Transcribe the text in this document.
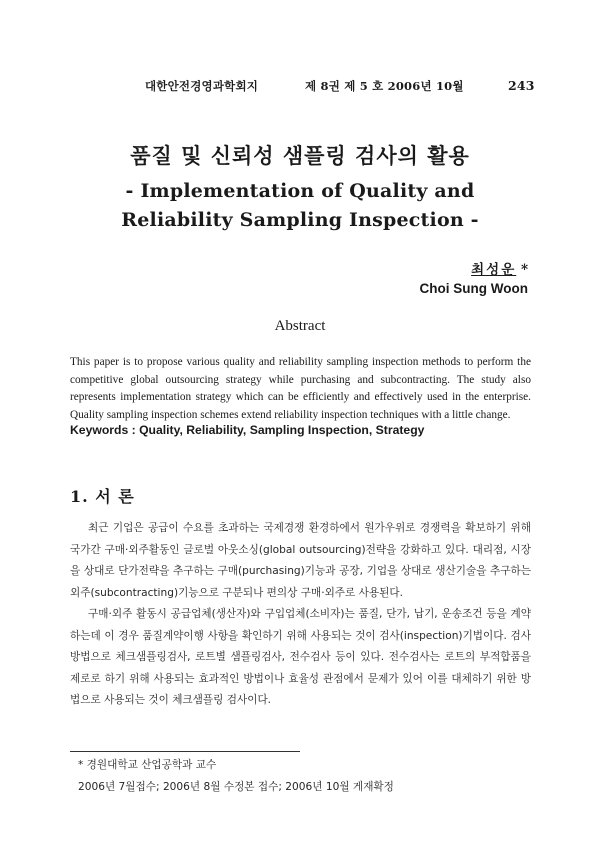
대한안전경영과학회지	제 8권 제 5 호 2006년 10월	243
품질 및 신뢰성 샘플링 검사의 활용
- Implementation of Quality and
Reliability Sampling Inspection -
최성운 *
Choi Sung Woon
Abstract
This paper is to propose various quality and reliability sampling inspection methods to perform the competitive global outsourcing strategy while purchasing and subcontracting. The study also represents implementation strategy which can be efficiently and effectively used in the enterprise. Quality sampling inspection schemes extend reliability inspection techniques with a little change.
Keywords : Quality, Reliability, Sampling Inspection, Strategy
1. 서 론
최근 기업은 공급이 수요를 초과하는 국제경쟁 환경하에서 원가우위로 경쟁력을 확보하기 위해 국가간 구매·외주활동인 글로벌 아웃소싱(global outsourcing)전략을 강화하고 있다. 대리점, 시장을 상대로 단가전략을 추구하는 구매(purchasing)기능과 공장, 기업을 상대로 생산기술을 추구하는 외주(subcontracting)기능으로 구분되나 편의상 구매·외주로 사용된다.
구매·외주 활동시 공급업체(생산자)와 구입업체(소비자)는 품질, 단가, 납기, 운송조건 등을 계약하는데 이 경우 품질계약이행 사항을 확인하기 위해 사용되는 것이 검사(inspection)기법이다. 검사방법으로 체크샘플링검사, 로트별 샘플링검사, 전수검사 등이 있다. 전수검사는 로트의 부적합품을 제로로 하기 위해 사용되는 효과적인 방법이나 효율성 관점에서 문제가 있어 이를 대체하기 위한 방법으로 사용되는 것이 체크샘플링 검사이다.
* 경원대학교 산업공학과 교수
2006년 7월접수; 2006년 8월 수정본 접수; 2006년 10월 게재확정
